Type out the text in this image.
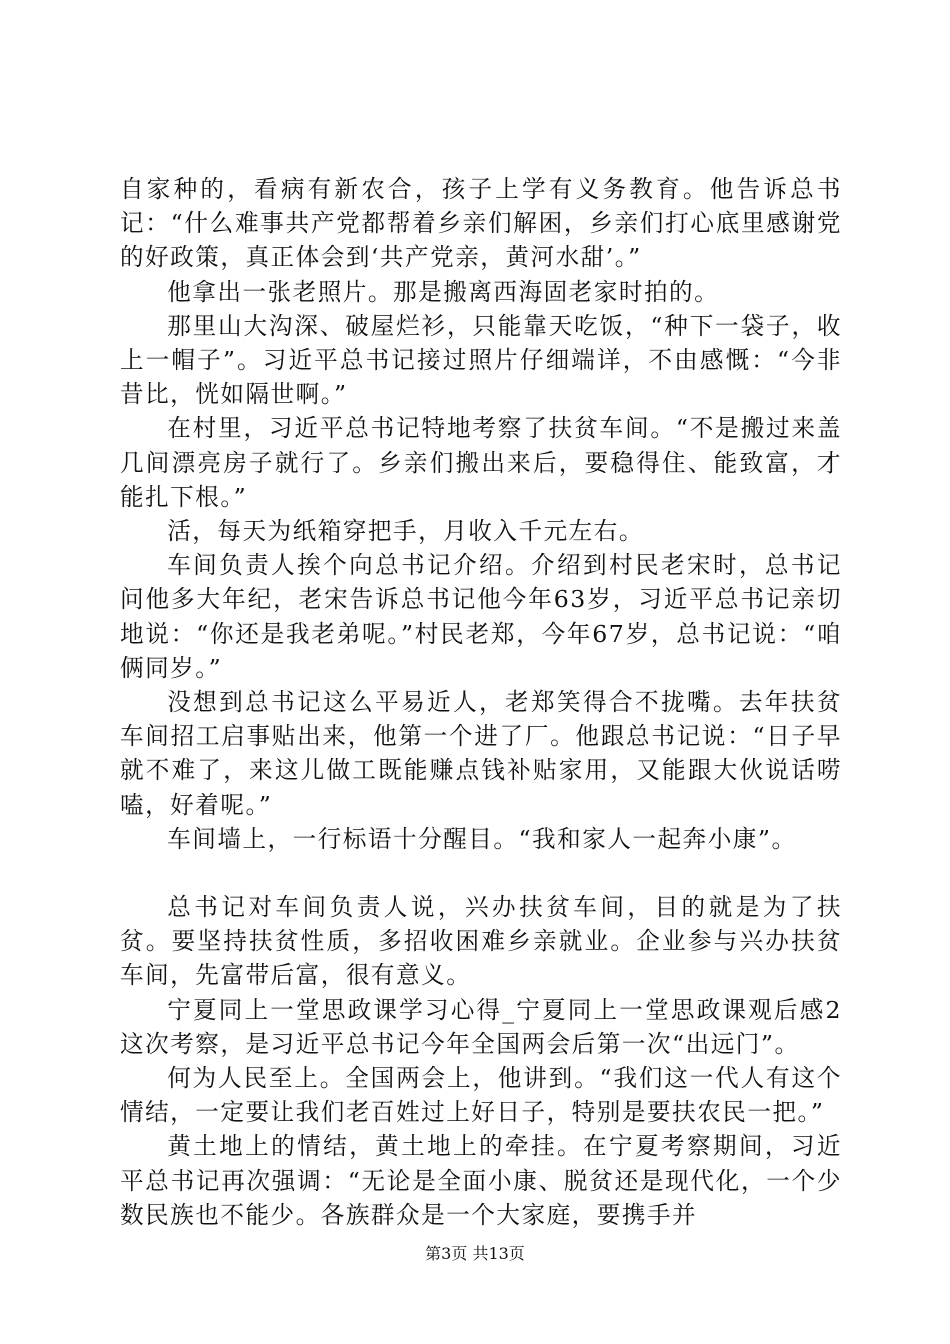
自家种的，看病有新农合，孩子上学有义务教育。他告诉总书记：“什么难事共产党都帮着乡亲们解困，乡亲们打心底里感谢党的好政策，真正体会到‘共产党亲，黄河水甜’。”

他拿出一张老照片。那是搬离西海固老家时拍的。

那里山大沟深、破屋烂衫，只能靠天吃饭，“种下一袋子，收上一帽子”。习近平总书记接过照片仔细端详，不由感慨：“今非昔比，恍如隔世啊。”

在村里，习近平总书记特地考察了扶贫车间。“不是搬过来盖几间漂亮房子就行了。乡亲们搬出来后，要稳得住、能致富，才能扎下根。”

活，每天为纸箱穿把手，月收入千元左右。

车间负责人挨个向总书记介绍。介绍到村民老宋时，总书记问他多大年纪，老宋告诉总书记他今年63岁，习近平总书记亲切地说：“你还是我老弟呢。”村民老郑，今年67岁，总书记说：“咱俩同岁。”

没想到总书记这么平易近人，老郑笑得合不拢嘴。去年扶贫车间招工启事贴出来，他第一个进了厂。他跟总书记说：“日子早就不难了，来这儿做工既能赚点钱补贴家用，又能跟大伙说话唠嗑，好着呢。”

车间墙上，一行标语十分醒目。“我和家人一起奔小康”。

总书记对车间负责人说，兴办扶贫车间，目的就是为了扶贫。要坚持扶贫性质，多招收困难乡亲就业。企业参与兴办扶贫车间，先富带后富，很有意义。

宁夏同上一堂思政课学习心得_宁夏同上一堂思政课观后感2这次考察，是习近平总书记今年全国两会后第一次“出远门”。

何为人民至上。全国两会上，他讲到。“我们这一代人有这个情结，一定要让我们老百姓过上好日子，特别是要扶农民一把。”

黄土地上的情结，黄土地上的牵挂。在宁夏考察期间，习近平总书记再次强调：“无论是全面小康、脱贫还是现代化，一个少数民族也不能少。各族群众是一个大家庭，要携手并

第3页 共13页
